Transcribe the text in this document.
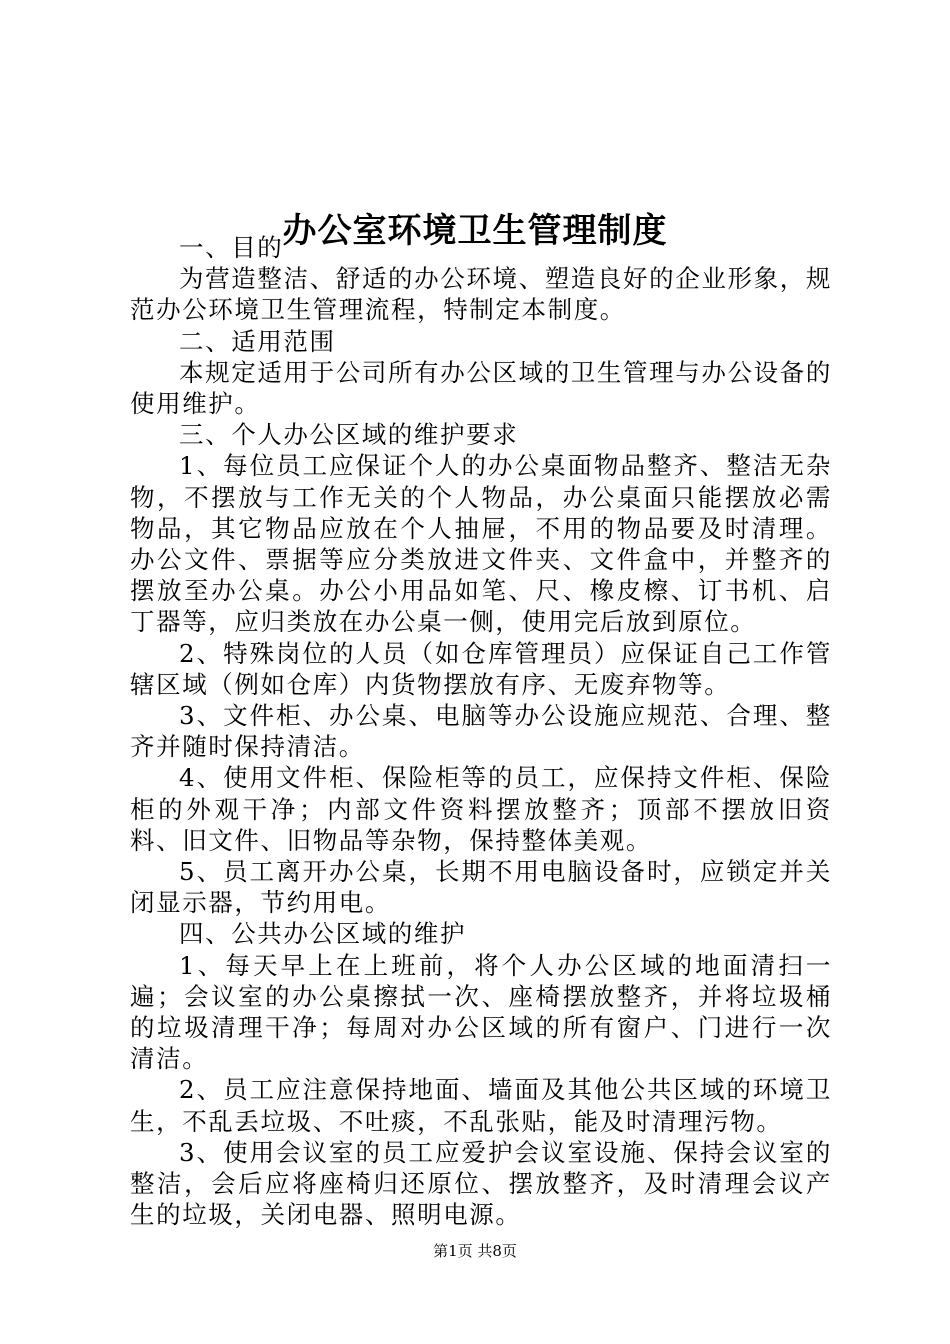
办公室环境卫生管理制度

一、目的

为营造整洁、舒适的办公环境、塑造良好的企业形象，规范办公环境卫生管理流程，特制定本制度。

二、适用范围

本规定适用于公司所有办公区域的卫生管理与办公设备的使用维护。

三、个人办公区域的维护要求

1、每位员工应保证个人的办公桌面物品整齐、整洁无杂物，不摆放与工作无关的个人物品，办公桌面只能摆放必需物品，其它物品应放在个人抽屉，不用的物品要及时清理。办公文件、票据等应分类放进文件夹、文件盒中，并整齐的摆放至办公桌。办公小用品如笔、尺、橡皮檫、订书机、启丁器等，应归类放在办公桌一侧，使用完后放到原位。

2、特殊岗位的人员（如仓库管理员）应保证自己工作管辖区域（例如仓库）内货物摆放有序、无废弃物等。

3、文件柜、办公桌、电脑等办公设施应规范、合理、整齐并随时保持清洁。

4、使用文件柜、保险柜等的员工，应保持文件柜、保险柜的外观干净；内部文件资料摆放整齐；顶部不摆放旧资料、旧文件、旧物品等杂物，保持整体美观。

5、员工离开办公桌，长期不用电脑设备时，应锁定并关闭显示器，节约用电。

四、公共办公区域的维护

1、每天早上在上班前，将个人办公区域的地面清扫一遍；会议室的办公桌擦拭一次、座椅摆放整齐，并将垃圾桶的垃圾清理干净；每周对办公区域的所有窗户、门进行一次清洁。

2、员工应注意保持地面、墙面及其他公共区域的环境卫生，不乱丢垃圾、不吐痰，不乱张贴，能及时清理污物。

3、使用会议室的员工应爱护会议室设施、保持会议室的整洁，会后应将座椅归还原位、摆放整齐，及时清理会议产生的垃圾，关闭电器、照明电源。

第1页 共8页
